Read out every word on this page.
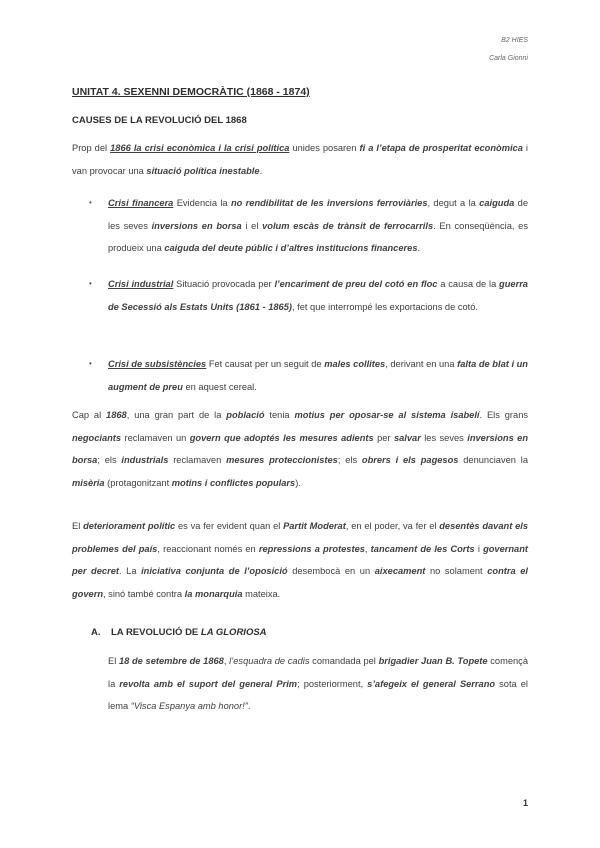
B2 HIES
Carla Gionni
UNITAT 4. SEXENNI DEMOCRÀTIC (1868 - 1874)
CAUSES DE LA REVOLUCIÓ DEL 1868
Prop del 1866 la crisi econòmica i la crisi política unides posaren fi a l’etapa de prosperitat econòmica i van provocar una situació política inestable.
• Crisi financera Evidencia la no rendibilitat de les inversions ferroviàries, degut a la caiguda de les seves inversions en borsa i el volum escàs de trànsit de ferrocarrils. En conseqüència, es produeix una caiguda del deute públic i d’altres institucions financeres.
• Crisi industrial Situació provocada per l’encariment de preu del cotó en floc a causa de la guerra de Secessió als Estats Units (1861 - 1865), fet que interrompé les exportacions de cotó.
• Crisi de subsistències Fet causat per un seguit de males collites, derivant en una falta de blat i un augment de preu en aquest cereal.
Cap al 1868, una gran part de la població tenia motius per oposar-se al sistema isabelí. Els grans negociants reclamaven un govern que adoptés les mesures adients per salvar les seves inversions en borsa; els industrials reclamaven mesures proteccionistes; els obrers i els pagesos denunciaven la misèria (protagonitzant motins i conflictes populars).
El deteriorament polític es va fer evident quan el Partit Moderat, en el poder, va fer el desentès davant els problemes del país, reaccionant només en repressions a protestes, tancament de les Corts i governant per decret. La iniciativa conjunta de l’oposició desembocà en un aixecament no solament contra el govern, sinó també contra la monarquia mateixa.
A. LA REVOLUCIÓ DE LA GLORIOSA
El 18 de setembre de 1868, l’esquadra de cadis comandada pel brigadier Juan B. Topete començà la revolta amb el suport del general Prim; posteriorment, s’afegeix el general Serrano sota el lema “Visca Espanya amb honor!”.
1
